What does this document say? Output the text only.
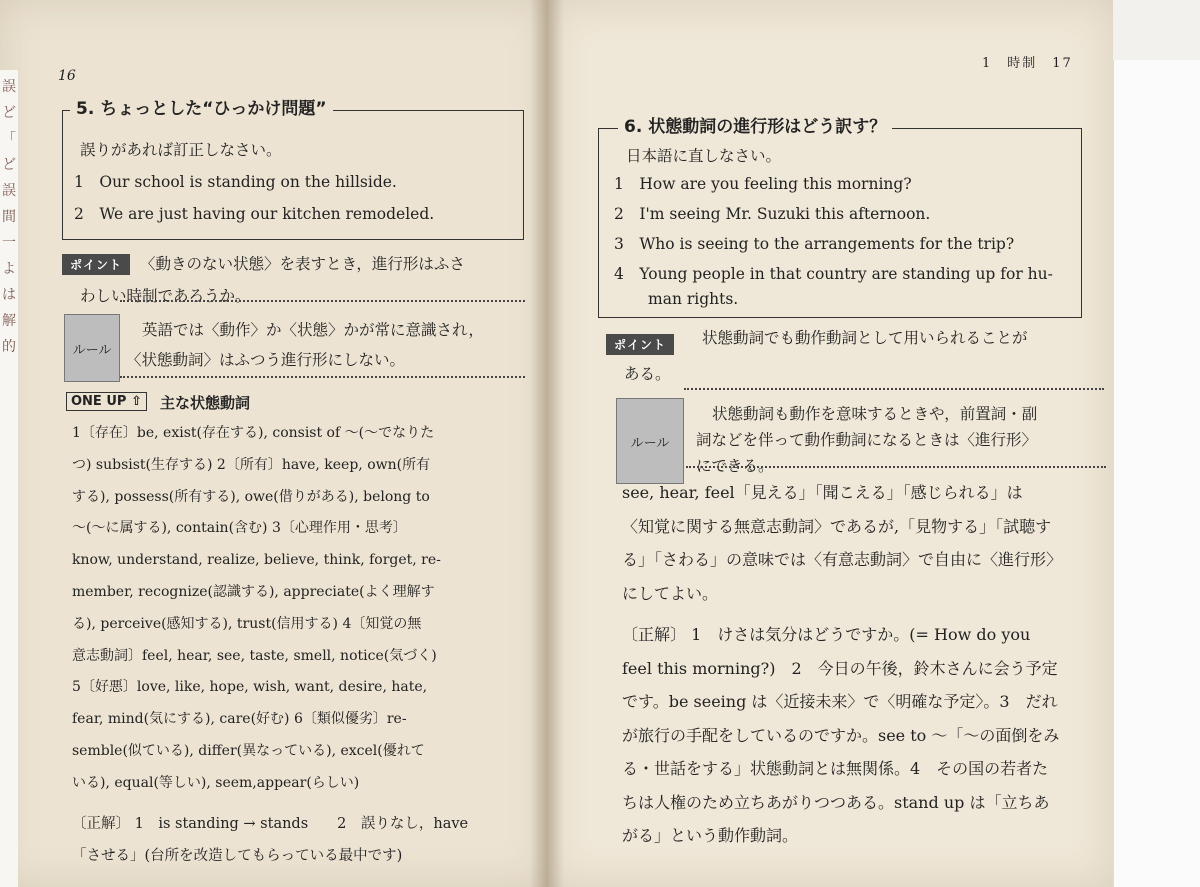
誤
ど
「
ど
誤
間
一
よ
は
解
的
16
5. ちょっとした“ひっかけ問題”
誤りがあれば訂正しなさい。
1　Our school is standing on the hillside.
2　We are just having our kitchen remodeled.
ポイント	〈動きのない状態〉を表すとき，進行形はふさ
わしい時制であろうか。
ルール
英語では〈動作〉か〈状態〉かが常に意識され，
〈状態動詞〉はふつう進行形にしない。
ONE UP ⇧	主な状態動詞
1〔存在〕be, exist(存在する), consist of ～(～でなりた
つ) subsist(生存する) 2〔所有〕have, keep, own(所有
する), possess(所有する), owe(借りがある), belong to
～(～に属する), contain(含む) 3〔心理作用・思考〕
know, understand, realize, believe, think, forget, re-
member, recognize(認識する), appreciate(よく理解す
る), perceive(感知する), trust(信用する) 4〔知覚の無
意志動詞〕feel, hear, see, taste, smell, notice(気づく)
5〔好悪〕love, like, hope, wish, want, desire, hate,
fear, mind(気にする), care(好む) 6〔類似優劣〕re-
semble(似ている), differ(異なっている), excel(優れて
いる), equal(等しい), seem,appear(らしい)
〔正解〕 1　is standing → stands　　2　誤りなし，have
「させる」(台所を改造してもらっている最中です)
1　時制　17
6. 状態動詞の進行形はどう訳す？
日本語に直しなさい。
1　How are you feeling this morning?
2　I'm seeing Mr. Suzuki this afternoon.
3　Who is seeing to the arrangements for the trip?
4　Young people in that country are standing up for hu-
man rights.
ポイント	状態動詞でも動作動詞として用いられることが
ある。
ルール
状態動詞も動作を意味するときや，前置詞・副
詞などを伴って動作動詞になるときは〈進行形〉
にできる。
see, hear, feel「見える」「聞こえる」「感じられる」は
〈知覚に関する無意志動詞〉であるが,「見物する」「試聴す
る」「さわる」の意味では〈有意志動詞〉で自由に〈進行形〉
にしてよい。
〔正解〕 1　けさは気分はどうですか。(= How do you
feel this morning?)　2　今日の午後，鈴木さんに会う予定
です。be seeing は〈近接未来〉で〈明確な予定〉。3　だれ
が旅行の手配をしているのですか。see to ～「～の面倒をみ
る・世話をする」状態動詞とは無関係。4　その国の若者た
ちは人権のため立ちあがりつつある。stand up は「立ちあ
がる」という動作動詞。
